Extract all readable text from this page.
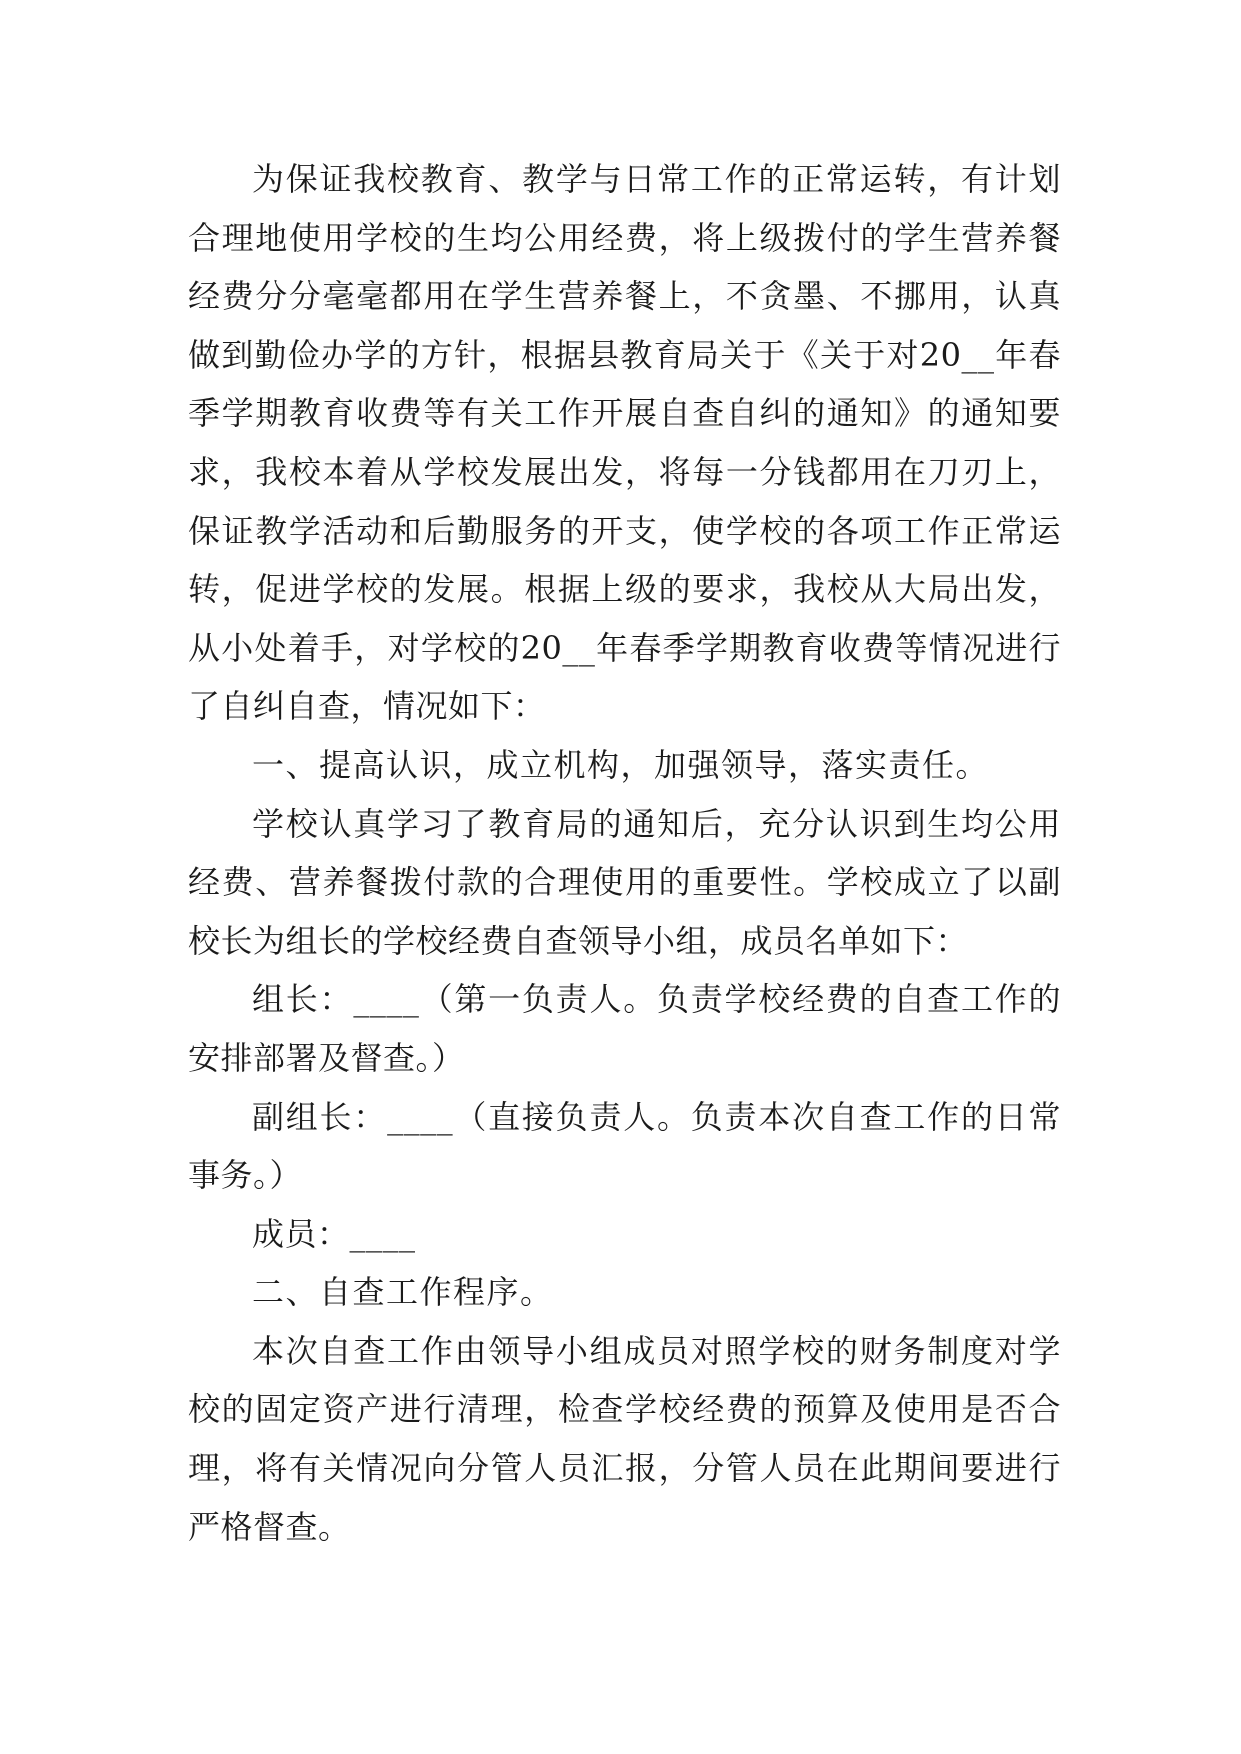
为保证我校教育、教学与日常工作的正常运转，有计划合理地使用学校的生均公用经费，将上级拨付的学生营养餐经费分分毫毫都用在学生营养餐上，不贪墨、不挪用，认真做到勤俭办学的方针，根据县教育局关于《关于对20__年春季学期教育收费等有关工作开展自查自纠的通知》的通知要求，我校本着从学校发展出发，将每一分钱都用在刀刃上，保证教学活动和后勤服务的开支，使学校的各项工作正常运转，促进学校的发展。根据上级的要求，我校从大局出发，从小处着手，对学校的20__年春季学期教育收费等情况进行了自纠自查，情况如下：

一、提高认识，成立机构，加强领导，落实责任。

学校认真学习了教育局的通知后，充分认识到生均公用经费、营养餐拨付款的合理使用的重要性。学校成立了以副校长为组长的学校经费自查领导小组，成员名单如下：

组长：____（第一负责人。负责学校经费的自查工作的安排部署及督查。）

副组长：____（直接负责人。负责本次自查工作的日常事务。）

成员：____

二、自查工作程序。

本次自查工作由领导小组成员对照学校的财务制度对学校的固定资产进行清理，检查学校经费的预算及使用是否合理，将有关情况向分管人员汇报，分管人员在此期间要进行严格督查。
